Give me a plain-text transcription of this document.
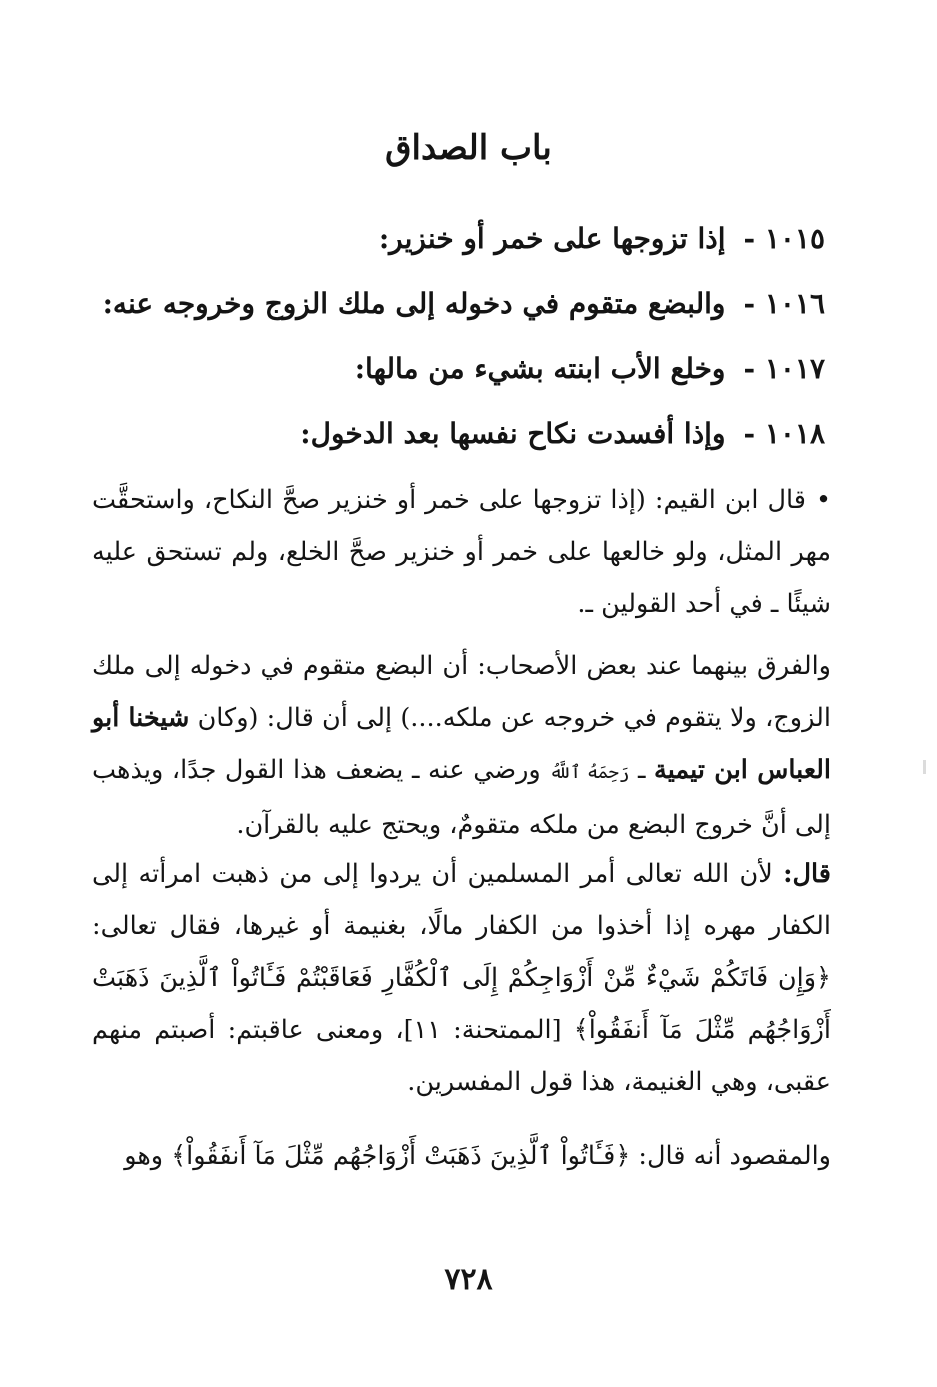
باب الصداق
١٠١٥ -إذا تزوجها على خمر أو خنزير:
١٠١٦ -والبضع متقوم في دخوله إلى ملك الزوج وخروجه عنه:
١٠١٧ -وخلع الأب ابنته بشيء من مالها:
١٠١٨ -وإذا أفسدت نكاح نفسها بعد الدخول:

•قال ابن القيم: (إذا تزوجها على خمر أو خنزير صحَّ النكاح، واستحقَّت مهر المثل، ولو خالعها على خمر أو خنزير صحَّ الخلع، ولم تستحق عليه شيئًا ـ في أحد القولين ـ.

والفرق بينهما عند بعض الأصحاب: أن البضع متقوم في دخوله إلى ملك الزوج، ولا يتقوم في خروجه عن ملكه....) إلى أن قال: (وكان شيخنا أبو العباس ابن تيمية ـ رَحِمَهُ ٱللَّهُ ورضي عنه ـ يضعف هذا القول جدًا، ويذهب إلى أنَّ خروج البضع من ملكه متقومٌ، ويحتج عليه بالقرآن.

قال: لأن الله تعالى أمر المسلمين أن يردوا إلى من ذهبت امرأته إلى الكفار مهره إذا أخذوا من الكفار مالًا، بغنيمة أو غيرها، فقال تعالى: ﴿وَإِن فَاتَكُمْ شَيْءٌ مِّنْ أَزْوَاجِكُمْ إِلَى ٱلْكُفَّارِ فَعَاقَبْتُمْ فَـَٔاتُواْ ٱلَّذِينَ ذَهَبَتْ أَزْوَاجُهُم مِّثْلَ مَآ أَنفَقُواْ﴾ [الممتحنة: ١١]، ومعنى عاقبتم: أصبتم منهم عقبى، وهي الغنيمة، هذا قول المفسرين.

والمقصود أنه قال: ﴿فَـَٔاتُواْ ٱلَّذِينَ ذَهَبَتْ أَزْوَاجُهُم مِّثْلَ مَآ أَنفَقُواْ﴾ وهو

٧٢٨
